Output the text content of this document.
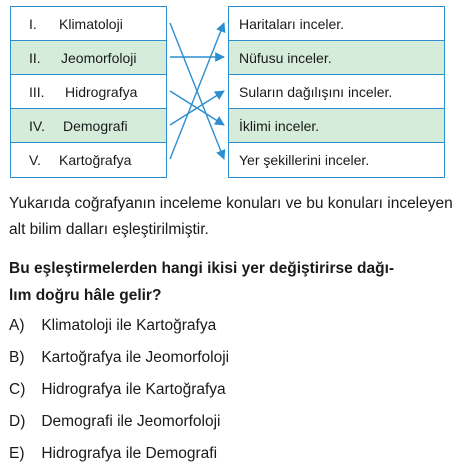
I.	Klimatoloji
II.	Jeomorfoloji
III.	Hidrografya
IV.	Demografi
V.	Kartoğrafya
Haritaları inceler.
Nüfusu inceler.
Suların dağılışını inceler.
İklimi inceler.
Yer şekillerini inceler.
Yukarıda coğrafyanın inceleme konuları ve bu konuları inceleyen alt bilim dalları eşleştirilmiştir.
Bu eşleştirmelerden hangi ikisi yer değiştirirse dağı-
lım doğru hâle gelir?
A) Klimatoloji ile Kartoğrafya
B) Kartoğrafya ile Jeomorfoloji
C) Hidrografya ile Kartoğrafya
D) Demografi ile Jeomorfoloji
E) Hidrografya ile Demografi
